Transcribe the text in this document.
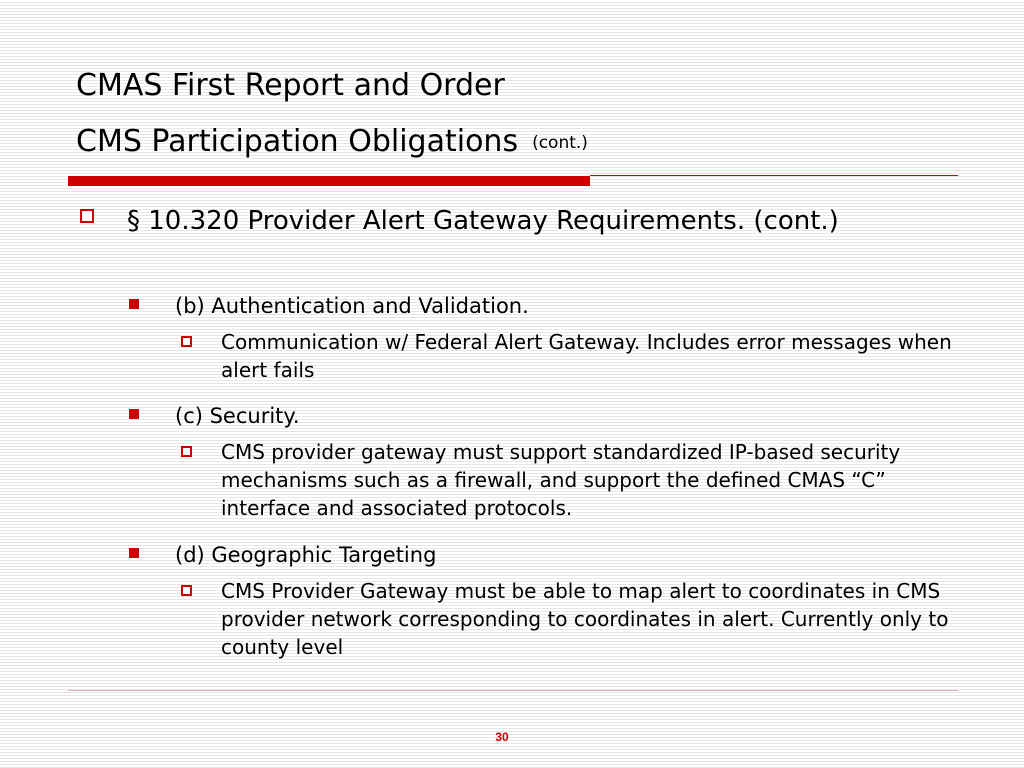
CMAS First Report and Order
CMS Participation Obligations (cont.)
§ 10.320 Provider Alert Gateway Requirements. (cont.)
(b) Authentication and Validation.
Communication w/ Federal Alert Gateway. Includes error messages when alert fails
(c) Security.
CMS provider gateway must support standardized IP-based security mechanisms such as a firewall, and support the defined CMAS “C” interface and associated protocols.
(d) Geographic Targeting
CMS Provider Gateway must be able to map alert to coordinates in CMS provider network corresponding to coordinates in alert. Currently only to county level
30
